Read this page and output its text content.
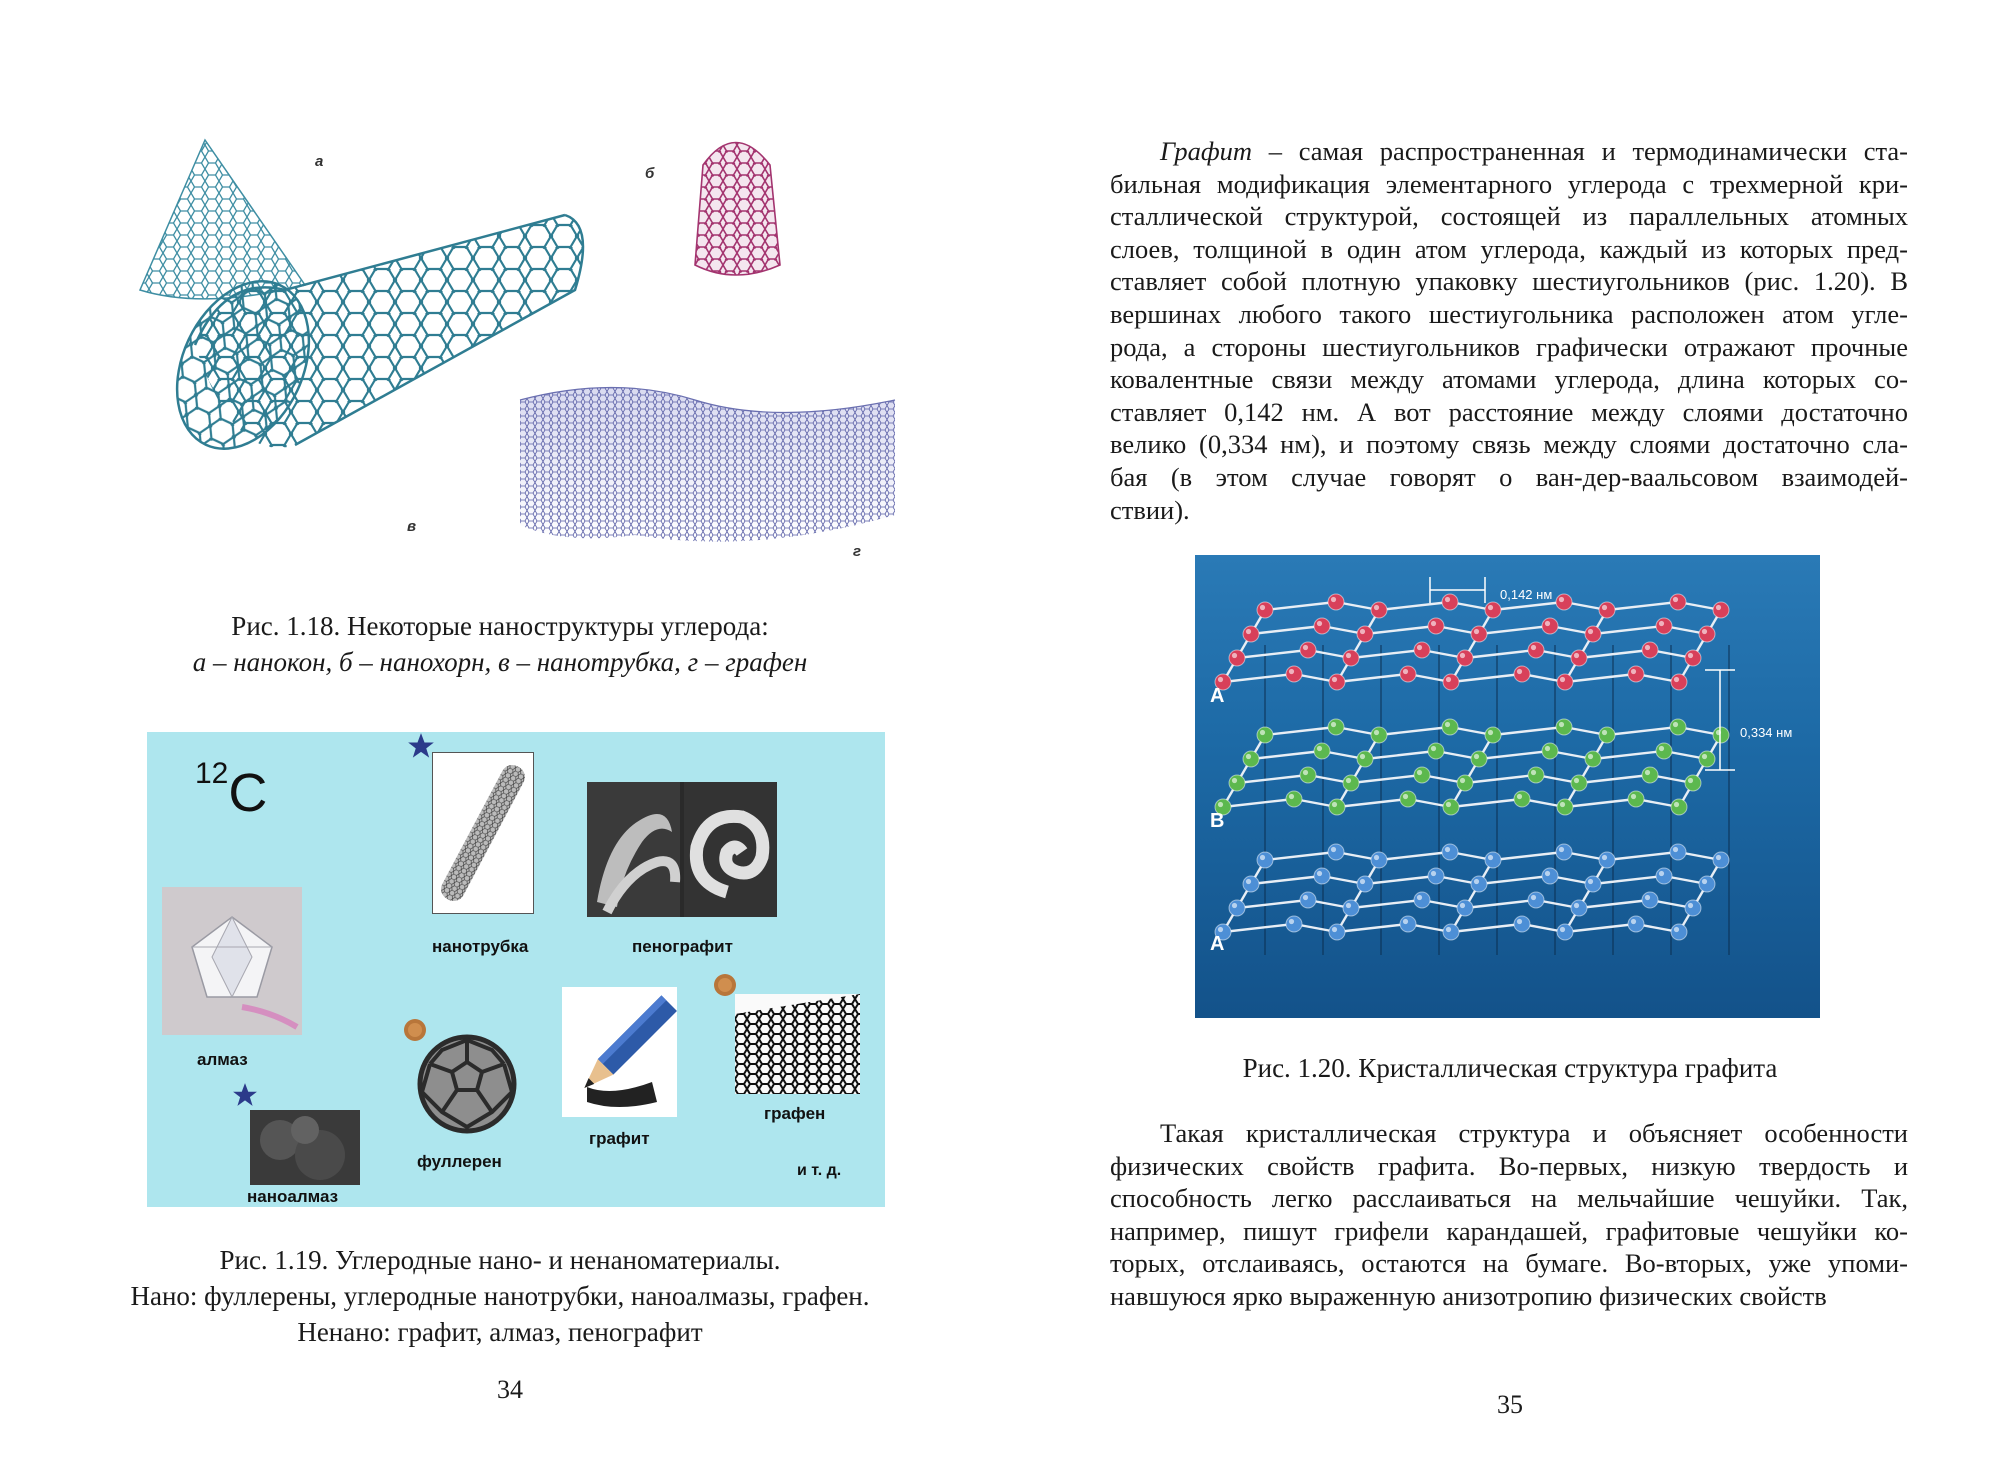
а
б
в
г
Рис. 1.18. Некоторые наноструктуры углерода:
а – нанокон, б – нанохорн, в – нанотрубка, г – графен
$^{12}$C
нанотрубка	пенографит
алмаз
фуллерен
графит
графен
наноалмаз
и т. д.
Рис. 1.19. Углеродные нано- и ненаноматериалы.
Нано: фуллерены, углеродные нанотрубки, наноалмазы, графен.
Ненано: графит, алмаз, пенографит
34
Графит – самая распространенная и термодинамически ста-
бильная модификация элементарного углерода с трехмерной кри-
сталлической структурой, состоящей из параллельных атомных
слоев, толщиной в один атом углерода, каждый из которых пред-
ставляет собой плотную упаковку шестиугольников (рис. 1.20). В
вершинах любого такого шестиугольника расположен атом угле-
рода, а стороны шестиугольников графически отражают прочные
ковалентные связи между атомами углерода, длина которых со-
ставляет 0,142 нм. А вот расстояние между слоями достаточно
велико (0,334 нм), и поэтому связь между слоями достаточно сла-
бая (в этом случае говорят о ван-дер-ваальсовом взаимодей-
ствии).
0,142 нм
0,334 нм
A
B
A
Рис. 1.20. Кристаллическая структура графита
Такая кристаллическая структура и объясняет особенности
физических свойств графита. Во-первых, низкую твердость и
способность легко расслаиваться на мельчайшие чешуйки. Так,
например, пишут грифели карандашей, графитовые чешуйки ко-
торых, отслаиваясь, остаются на бумаге. Во-вторых, уже упоми-
навшуюся ярко выраженную анизотропию физических свойств
35
